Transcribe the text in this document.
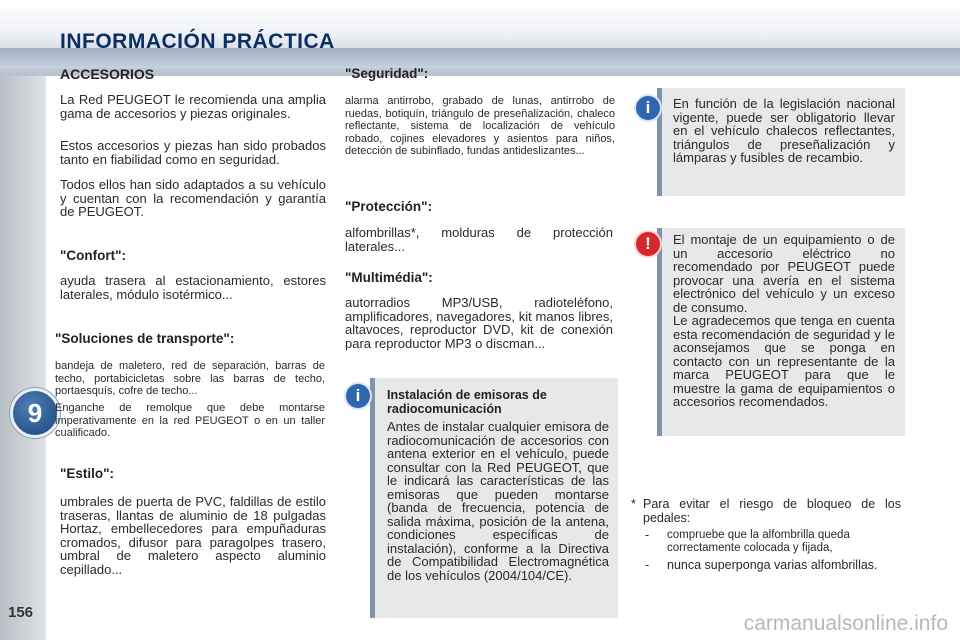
INFORMACIÓN PRÁCTICA
9
156
ACCESORIOS

La Red PEUGEOT le recomienda una amplia gama de accesorios y piezas originales.

Estos accesorios y piezas han sido probados tanto en fiabilidad como en seguridad.

Todos ellos han sido adaptados a su vehículo y cuentan con la recomendación y garantía de PEUGEOT.

"Confort":

ayuda trasera al estacionamiento, estores laterales, módulo isotérmico...

"Soluciones de transporte":

bandeja de maletero, red de separación, barras de techo, portabicicletas sobre las barras de techo, portaesquís, cofre de techo...

Enganche de remolque que debe montarse imperativamente en la red PEUGEOT o en un taller cualificado.

"Estilo":

umbrales de puerta de PVC, faldillas de estilo traseras, llantas de aluminio de 18 pulgadas Hortaz, embellecedores para empuñaduras cromados, difusor para paragolpes trasero, umbral de maletero aspecto aluminio cepillado...

"Seguridad":

alarma antirrobo, grabado de lunas, antirrobo de ruedas, botiquín, triángulo de preseñalización, chaleco reflectante, sistema de localización de vehículo robado, cojines elevadores y asientos para niños, detección de subinflado, fundas antideslizantes...

"Protección":

alfombrillas*, molduras de protección laterales...

"Multimédia":

autorradios MP3/USB, radioteléfono, amplificadores, navegadores, kit manos libres, altavoces, reproductor DVD, kit de conexión para reproductor MP3 o discman...

i	Instalación de emisoras de radiocomunicación

Antes de instalar cualquier emisora de radiocomunicación de accesorios con antena exterior en el vehículo, puede consultar con la Red PEUGEOT, que le indicará las características de las emisoras que pueden montarse (banda de frecuencia, potencia de salida máxima, posición de la antena, condiciones específicas de instalación), conforme a la Directiva de Compatibilidad Electromagnética de los vehículos (2004/104/CE).

i	En función de la legislación nacional vigente, puede ser obligatorio llevar en el vehículo chalecos reflectantes, triángulos de preseñalización y lámparas y fusibles de recambio.

!	El montaje de un equipamiento o de un accesorio eléctrico no recomendado por PEUGEOT puede provocar una avería en el sistema electrónico del vehículo y un exceso de consumo.

Le agradecemos que tenga en cuenta esta recomendación de seguridad y le aconsejamos que se ponga en contacto con un representante de la marca PEUGEOT para que le muestre la gama de equipamientos o accesorios recomendados.

* Para evitar el riesgo de bloqueo de los pedales:

- compruebe que la alfombrilla queda correctamente colocada y fijada,

- nunca superponga varias alfombrillas.

carmanualsonline.info
